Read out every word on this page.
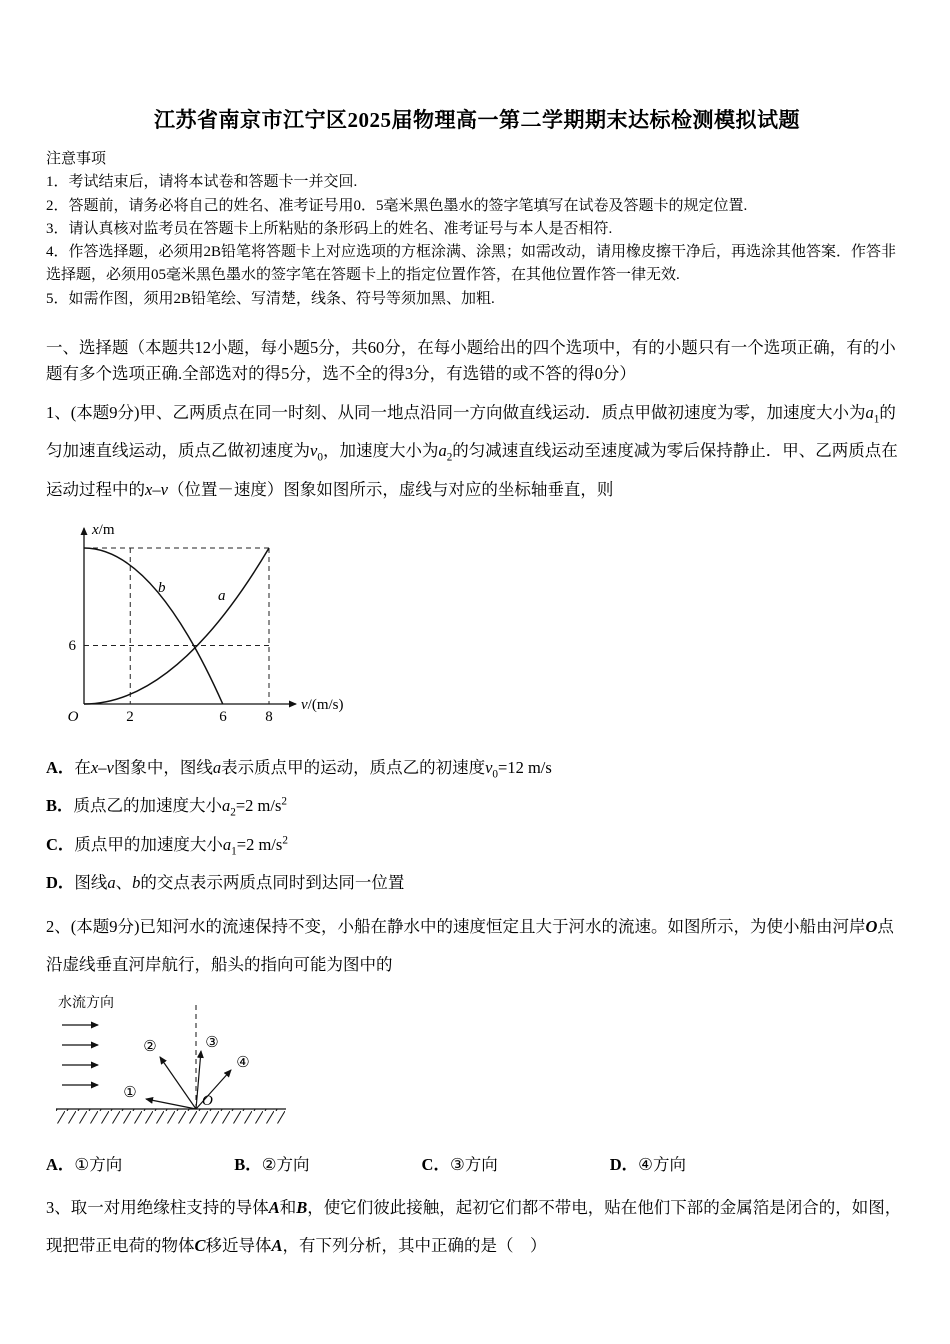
江苏省南京市江宁区2025届物理高一第二学期期末达标检测模拟试题
注意事项

1．考试结束后，请将本试卷和答题卡一并交回.

2．答题前，请务必将自己的姓名、准考证号用0．5毫米黑色墨水的签字笔填写在试卷及答题卡的规定位置.

3．请认真核对监考员在答题卡上所粘贴的条形码上的姓名、准考证号与本人是否相符.

4．作答选择题，必须用2B铅笔将答题卡上对应选项的方框涂满、涂黑；如需改动，请用橡皮擦干净后，再选涂其他答案．作答非选择题，必须用05毫米黑色墨水的签字笔在答题卡上的指定位置作答，在其他位置作答一律无效.

5．如需作图，须用2B铅笔绘、写清楚，线条、符号等须加黑、加粗.

一、选择题（本题共12小题，每小题5分，共60分，在每小题给出的四个选项中，有的小题只有一个选项正确，有的小题有多个选项正确.全部选对的得5分，选不全的得3分，有选错的或不答的得0分）

1、(本题9分)甲、乙两质点在同一时刻、从同一地点沿同一方向做直线运动．质点甲做初速度为零，加速度大小为$a_1$的匀加速直线运动，质点乙做初速度为$v_0$，加速度大小为$a_2$的匀减速直线运动至速度减为零后保持静止．甲、乙两质点在运动过程中的x–v（位置－速度）图象如图所示，虚线与对应的坐标轴垂直，则

x/m
v/(m/s)
O	2	6	8
6
b	a

A．在x–v图象中，图线a表示质点甲的运动，质点乙的初速度$v_0=12$ m/s

B．质点乙的加速度大小$a_2=2$ $m/s^2$

C．质点甲的加速度大小$a_1=2$ $m/s^2$

D．图线a、b的交点表示两质点同时到达同一位置

2、(本题9分)已知河水的流速保持不变，小船在静水中的速度恒定且大于河水的流速。如图所示，为使小船由河岸O点沿虚线垂直河岸航行，船头的指向可能为图中的

水流方向
①
②	③
④
O
A．①方向	B．②方向	C．③方向	D．④方向

3、取一对用绝缘柱支持的导体A和B，使它们彼此接触，起初它们都不带电，贴在他们下部的金属箔是闭合的，如图，现把带正电荷的物体C移近导体A，有下列分析，其中正确的是（　）
